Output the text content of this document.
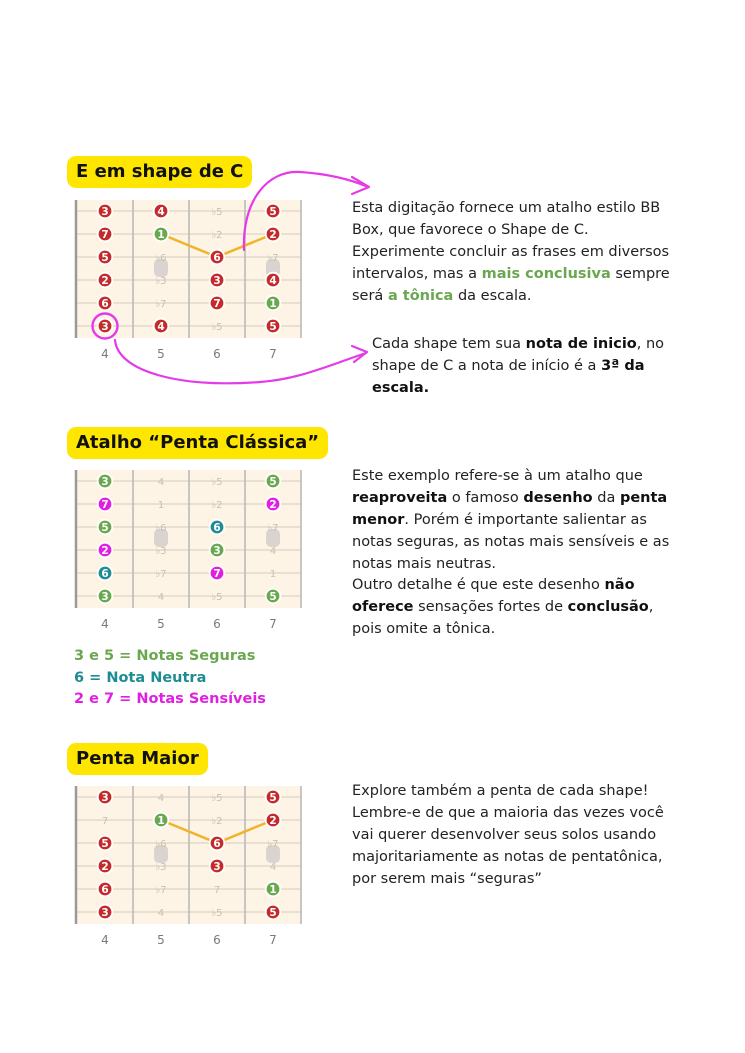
E em shape de C
♭5
♭2
♭6	♭7
♭3
♭7
♭5
3	4	5
7	1	2
5	6
2	3	4
6	7	1
3	4	5
4	5	6	7
Esta digitação fornece um atalho estilo BB Box, que favorece o Shape de C. Experimente concluir as frases em diversos intervalos, mas a mais conclusiva sempre será a tônica da escala.
Cada shape tem sua nota de inicio, no shape de C a nota de início é a 3ª da escala.
Atalho “Penta Clássica”
4	♭5
1	♭2
♭6	♭7
♭3	4
♭7	1
4	♭5
3	5
7	2
5	6
2	3
6	7
3	5
4	5	6	7
Este exemplo refere-se à um atalho que reaproveita o famoso desenho da penta menor. Porém é importante salientar as notas seguras, as notas mais sensíveis e as notas mais neutras.
Outro detalhe é que este desenho não oferece sensações fortes de conclusão, pois omite a tônica.
3 e 5 = Notas Seguras
6 = Nota Neutra
2 e 7 = Notas Sensíveis
Penta Maior
4	♭5
7	♭2
♭6	♭7
♭3	4
♭7	7
4	♭5
3	5
1	2
5	6
2	3
6	1
3	5
4	5	6	7
Explore também a penta de cada shape! Lembre-e de que a maioria das vezes você vai querer desenvolver seus solos usando majoritariamente as notas de pentatônica, por serem mais “seguras”
